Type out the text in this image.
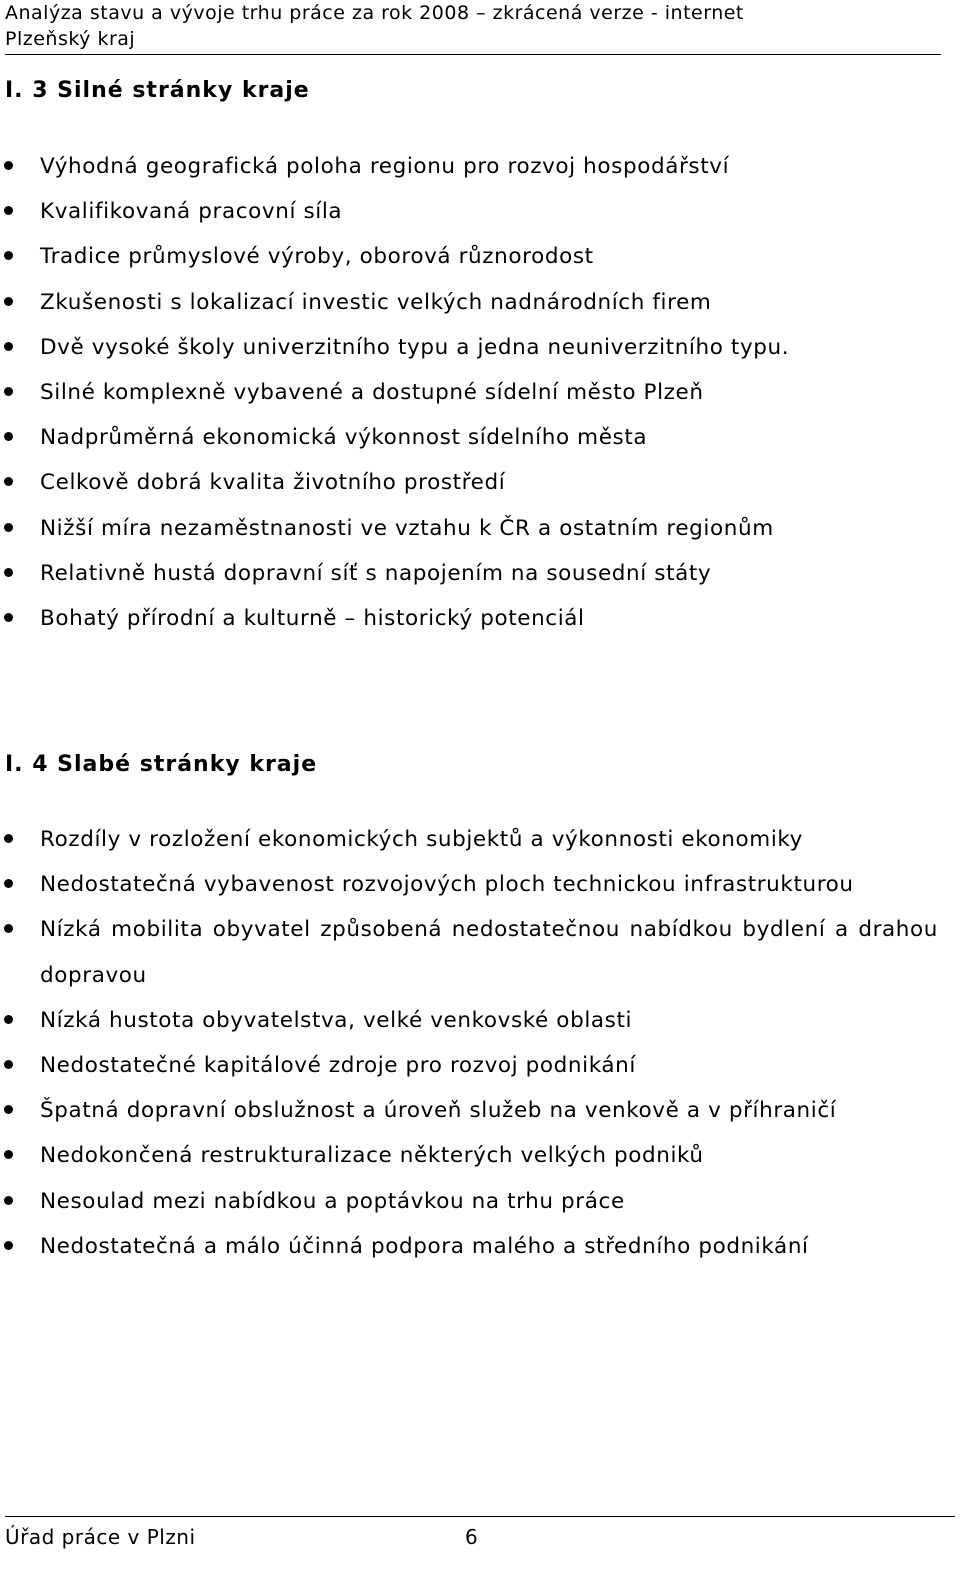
Analýza stavu a vývoje trhu práce za rok 2008 – zkrácená verze - internet
Plzeňský kraj
I. 3 Silné stránky kraje
Výhodná geografická poloha regionu pro rozvoj hospodářství
Kvalifikovaná pracovní síla
Tradice průmyslové výroby, oborová různorodost
Zkušenosti s lokalizací investic velkých nadnárodních firem
Dvě vysoké školy univerzitního typu a jedna neuniverzitního typu.
Silné komplexně vybavené a dostupné sídelní město Plzeň
Nadprůměrná ekonomická výkonnost sídelního města
Celkově dobrá kvalita životního prostředí
Nižší míra nezaměstnanosti ve vztahu k ČR a ostatním regionům
Relativně hustá dopravní síť s napojením na sousední státy
Bohatý přírodní a kulturně – historický potenciál
I. 4 Slabé stránky kraje
Rozdíly v rozložení ekonomických subjektů a výkonnosti ekonomiky
Nedostatečná vybavenost rozvojových ploch technickou infrastrukturou
Nízká mobilita obyvatel způsobená nedostatečnou nabídkou bydlení a drahou dopravou
Nízká hustota obyvatelstva, velké venkovské oblasti
Nedostatečné kapitálové zdroje pro rozvoj podnikání
Špatná dopravní obslužnost a úroveň služeb na venkově a v příhraničí
Nedokončená restrukturalizace některých velkých podniků
Nesoulad mezi nabídkou a poptávkou na trhu práce
Nedostatečná a málo účinná podpora malého a středního podnikání
Úřad práce v Plzni	6
